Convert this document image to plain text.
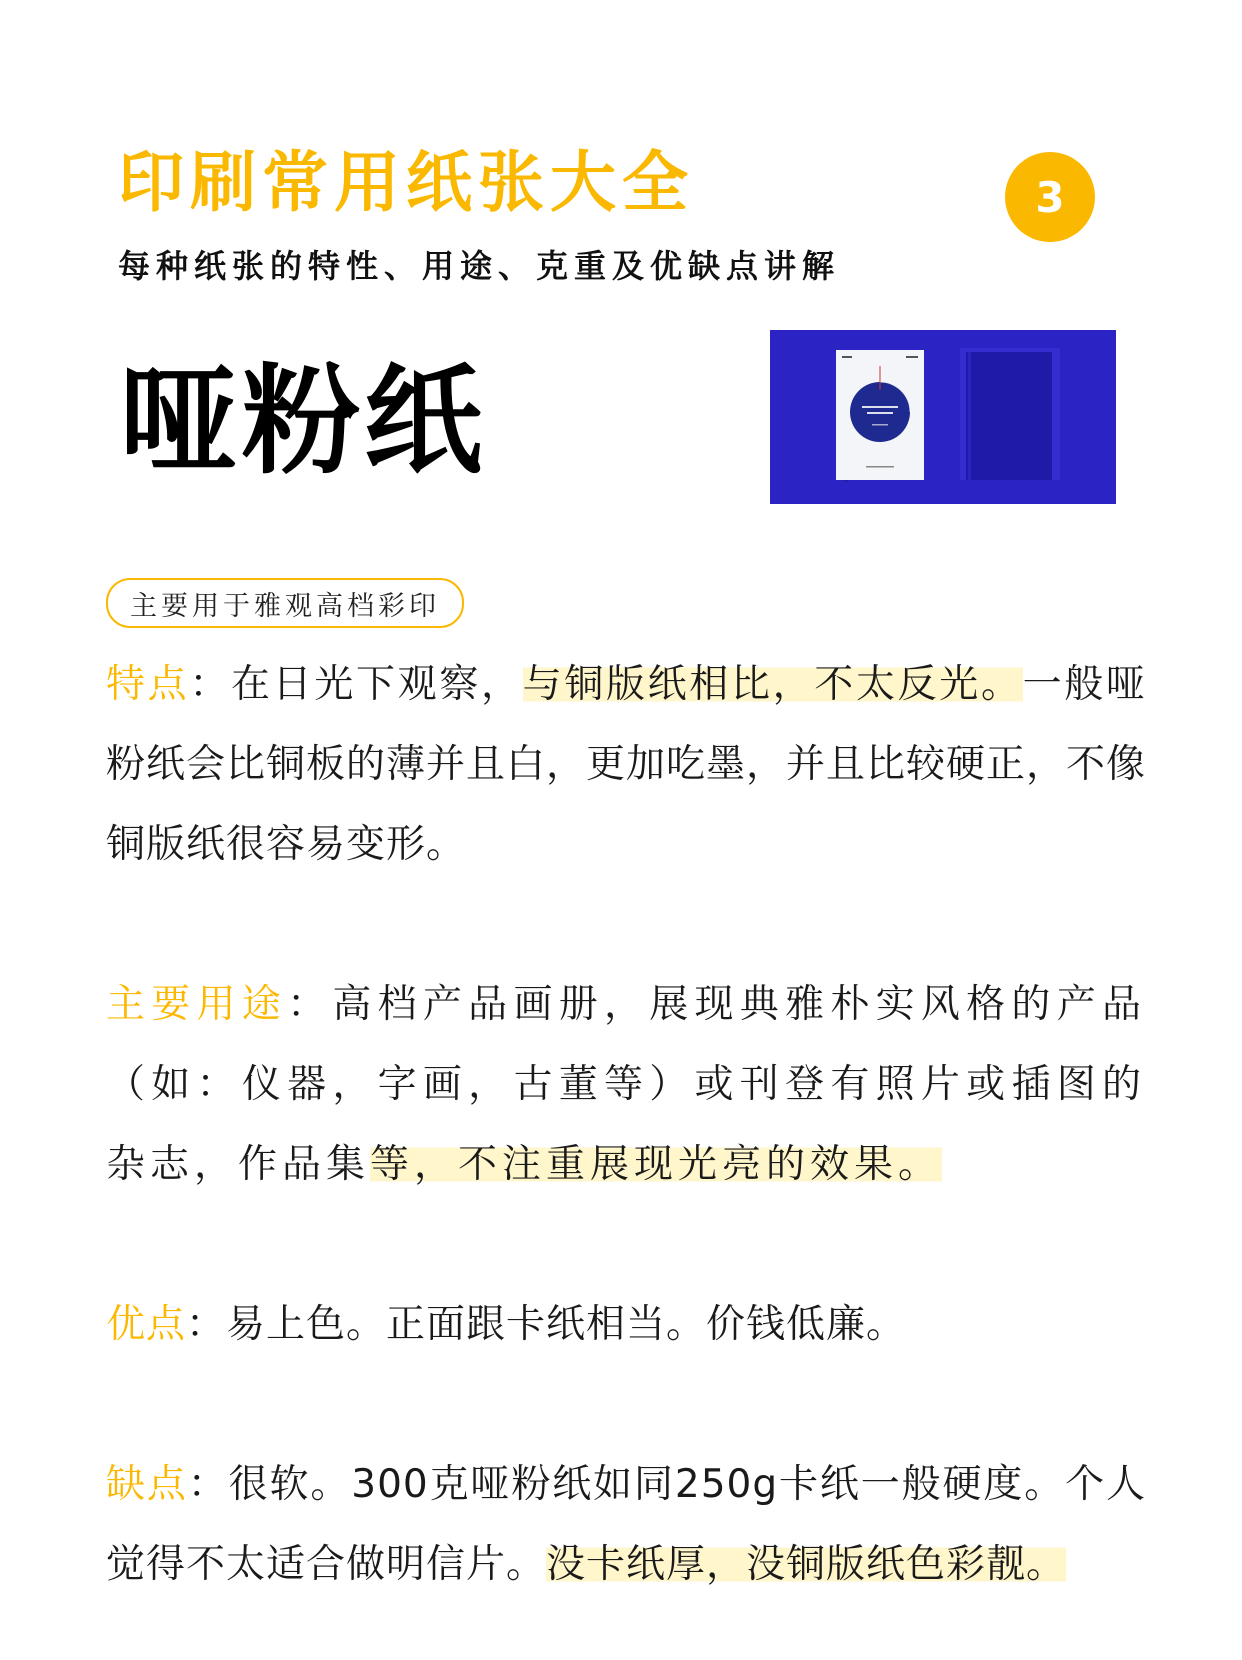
印刷常用纸张大全
每种纸张的特性、用途、克重及优缺点讲解
3
哑粉纸
主要用于雅观高档彩印

特点：在日光下观察，与铜版纸相比，不太反光。一般哑粉纸会比铜板的薄并且白，更加吃墨，并且比较硬正，不像铜版纸很容易变形。

主要用途：高档产品画册，展现典雅朴实风格的产品（如：仪器，字画，古董等）或刊登有照片或插图的杂志，作品集等，不注重展现光亮的效果。

优点：易上色。正面跟卡纸相当。价钱低廉。

缺点：很软。300克哑粉纸如同250g卡纸一般硬度。个人觉得不太适合做明信片。没卡纸厚，没铜版纸色彩靓。
